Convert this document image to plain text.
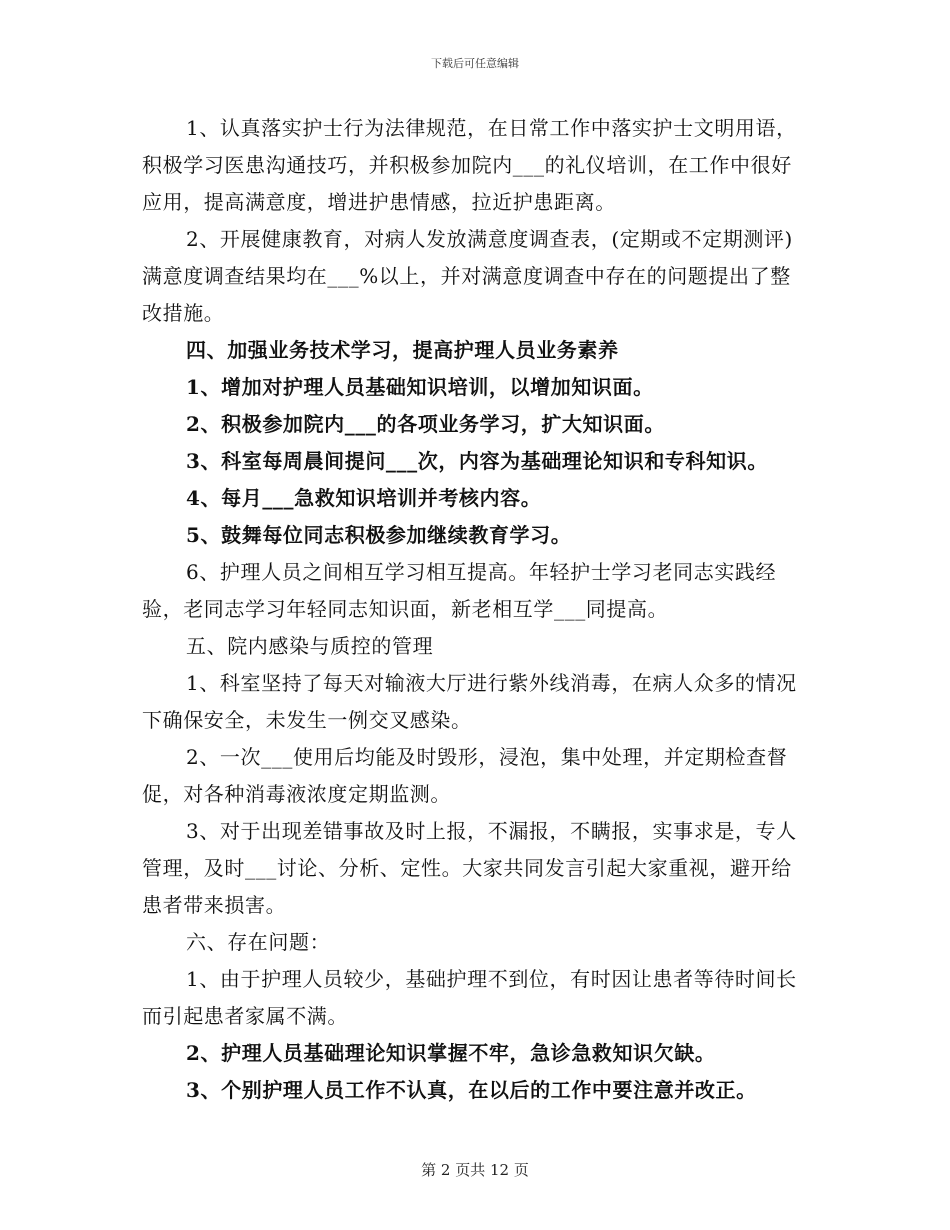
下载后可任意编辑

1、认真落实护士行为法律规范，在日常工作中落实护士文明用语，积极学习医患沟通技巧，并积极参加院内___的礼仪培训，在工作中很好应用，提高满意度，增进护患情感，拉近护患距离。

2、开展健康教育，对病人发放满意度调查表，(定期或不定期测评)满意度调查结果均在___%以上，并对满意度调查中存在的问题提出了整改措施。

四、加强业务技术学习，提高护理人员业务素养

1、增加对护理人员基础知识培训，以增加知识面。

2、积极参加院内___的各项业务学习，扩大知识面。

3、科室每周晨间提问___次，内容为基础理论知识和专科知识。

4、每月___急救知识培训并考核内容。

5、鼓舞每位同志积极参加继续教育学习。

6、护理人员之间相互学习相互提高。年轻护士学习老同志实践经验，老同志学习年轻同志知识面，新老相互学___同提高。

五、院内感染与质控的管理

1、科室坚持了每天对输液大厅进行紫外线消毒，在病人众多的情况下确保安全，未发生一例交叉感染。

2、一次___使用后均能及时毁形，浸泡，集中处理，并定期检查督促，对各种消毒液浓度定期监测。

3、对于出现差错事故及时上报，不漏报，不瞒报，实事求是，专人管理，及时___讨论、分析、定性。大家共同发言引起大家重视，避开给患者带来损害。

六、存在问题：

1、由于护理人员较少，基础护理不到位，有时因让患者等待时间长而引起患者家属不满。

2、护理人员基础理论知识掌握不牢，急诊急救知识欠缺。

3、个别护理人员工作不认真，在以后的工作中要注意并改正。

第 2 页共 12 页
